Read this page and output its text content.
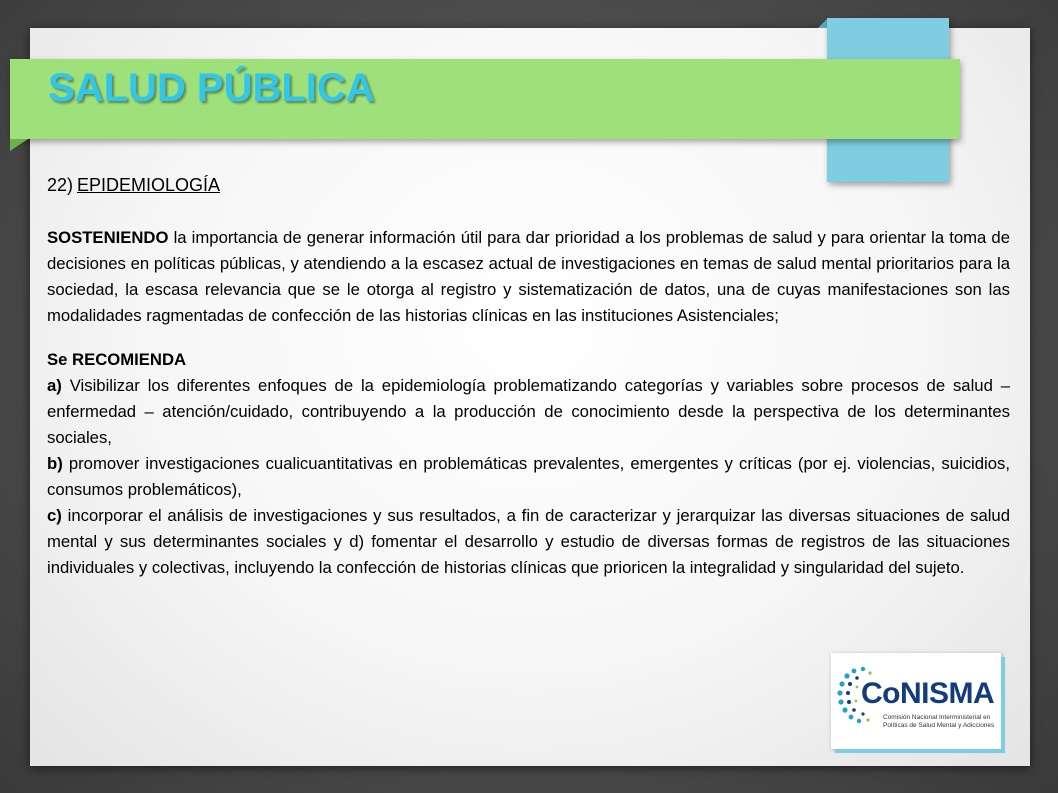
SALUD PÚBLICA

22) EPIDEMIOLOGÍA

SOSTENIENDO la importancia de generar información útil para dar prioridad a los problemas de salud y para orientar la toma de decisiones en políticas públicas, y atendiendo a la escasez actual de investigaciones en temas de salud mental prioritarios para la sociedad, la escasa relevancia que se le otorga al registro y sistematización de datos, una de cuyas manifestaciones son las modalidades ragmentadas de confección de las historias clínicas en las instituciones Asistenciales;

Se RECOMIENDA

a) Visibilizar los diferentes enfoques de la epidemiología problematizando categorías y variables sobre procesos de salud – enfermedad – atención/cuidado, contribuyendo a la producción de conocimiento desde la perspectiva de los determinantes sociales,

b) promover investigaciones cualicuantitativas en problemáticas prevalentes, emergentes y críticas (por ej. violencias, suicidios, consumos problemáticos),

c) incorporar el análisis de investigaciones y sus resultados, a fin de caracterizar y jerarquizar las diversas situaciones de salud mental y sus determinantes sociales y d) fomentar el desarrollo y estudio de diversas formas de registros de las situaciones individuales y colectivas, incluyendo la confección de historias clínicas que prioricen la integralidad y singularidad del sujeto.

CoNISMA
Comisión Nacional Interministerial en Políticas de Salud Mental y Adicciones
